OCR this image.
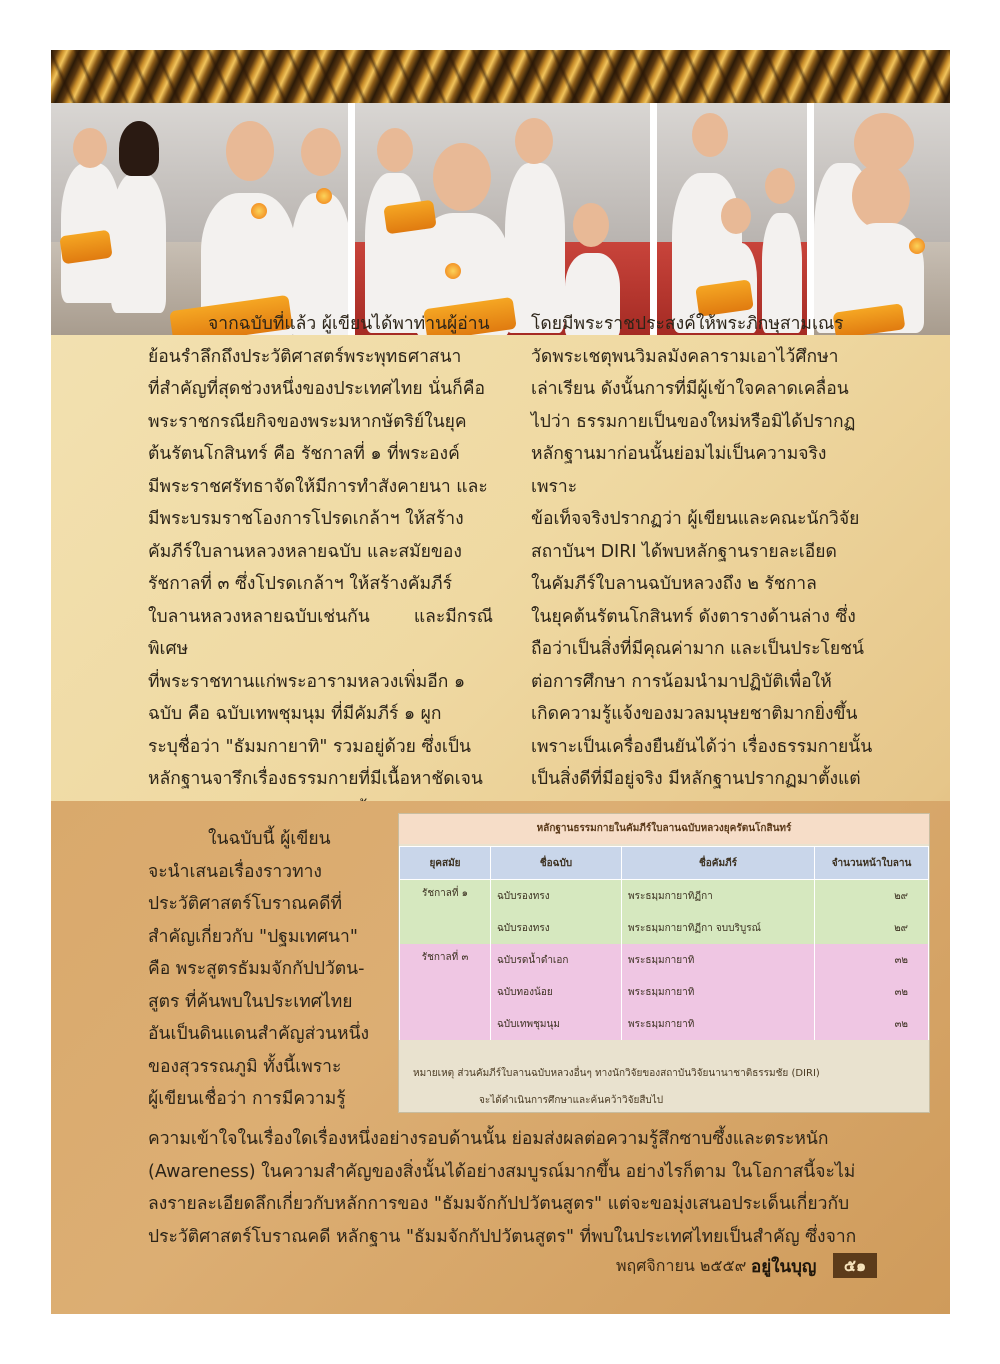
จากฉบับที่แล้ว ผู้เขียนได้พาท่านผู้อ่าน

ย้อนรำลึกถึงประวัติศาสตร์พระพุทธศาสนา

ที่สำคัญที่สุดช่วงหนึ่งของประเทศไทย นั่นก็คือ

พระราชกรณียกิจของพระมหากษัตริย์ในยุค

ต้นรัตนโกสินทร์ คือ รัชกาลที่ ๑ ที่พระองค์

มีพระราชศรัทธาจัดให้มีการทำสังคายนา และ

มีพระบรมราชโองการโปรดเกล้าฯ ให้สร้าง

คัมภีร์ใบลานหลวงหลายฉบับ และสมัยของ

รัชกาลที่ ๓ ซึ่งโปรดเกล้าฯ ให้สร้างคัมภีร์

ใบลานหลวงหลายฉบับเช่นกัน และมีกรณีพิเศษ

ที่พระราชทานแก่พระอารามหลวงเพิ่มอีก ๑

ฉบับ คือ ฉบับเทพชุมนุม ที่มีคัมภีร์ ๑ ผูก

ระบุชื่อว่า "ธัมมกายาทิ" รวมอยู่ด้วย ซึ่งเป็น

หลักฐานจารึกเรื่องธรรมกายที่มีเนื้อหาชัดเจน

โดยมีพระราชประสงค์ให้พระภิกษุสามเณร

วัดพระเชตุพนวิมลมังคลารามเอาไว้ศึกษา

เล่าเรียน ดังนั้นการที่มีผู้เข้าใจคลาดเคลื่อน

ไปว่า ธรรมกายเป็นของใหม่หรือมิได้ปรากฏ

หลักฐานมาก่อนนั้นย่อมไม่เป็นความจริง เพราะ

ข้อเท็จจริงปรากฏว่า ผู้เขียนและคณะนักวิจัย

สถาบันฯ DIRI ได้พบหลักฐานรายละเอียด

ในคัมภีร์ใบลานฉบับหลวงถึง ๒ รัชกาล

ในยุคต้นรัตนโกสินทร์ ดังตารางด้านล่าง ซึ่ง

ถือว่าเป็นสิ่งที่มีคุณค่ามาก และเป็นประโยชน์

ต่อการศึกษา การน้อมนำมาปฏิบัติเพื่อให้

เกิดความรู้แจ้งของมวลมนุษยชาติมากยิ่งขึ้น

เพราะเป็นเครื่องยืนยันได้ว่า เรื่องธรรมกายนั้น

เป็นสิ่งดีที่มีอยู่จริง มีหลักฐานปรากฏมาตั้งแต่

ในฉบับนี้ ผู้เขียน

จะนำเสนอเรื่องราวทาง

ประวัติศาสตร์โบราณคดีที่

สำคัญเกี่ยวกับ "ปฐมเทศนา"

คือ พระสูตรธัมมจักกัปปวัตน-

สูตร ที่ค้นพบในประเทศไทย

อันเป็นดินแดนสำคัญส่วนหนึ่ง

ของสุวรรณภูมิ ทั้งนี้เพราะ

ผู้เขียนเชื่อว่า การมีความรู้

หลักฐานธรรมกายในคัมภีร์ใบลานฉบับหลวงยุครัตนโกสินทร์
ยุคสมัย	ชื่อฉบับ	ชื่อคัมภีร์	จำนวนหน้าใบลาน
รัชกาลที่ ๑	ฉบับรองทรง	พระธมฺมกายาทิฏีกา	๒๙
	ฉบับรองทรง	พระธมฺมกายาทิฏีกา จบบริบูรณ์	๒๙
รัชกาลที่ ๓	ฉบับรดน้ำดำเอก	พระธมฺมกายาทิ	๓๒
	ฉบับทองน้อย	พระธมฺมกายาทิ	๓๒
	ฉบับเทพชุมนุม	พระธมฺมกายาทิ	๓๒
หมายเหตุ ส่วนคัมภีร์ใบลานฉบับหลวงอื่นๆ ทางนักวิจัยของสถาบันวิจัยนานาชาติธรรมชัย (DIRI)
จะได้ดำเนินการศึกษาและค้นคว้าวิจัยสืบไป

ความเข้าใจในเรื่องใดเรื่องหนึ่งอย่างรอบด้านนั้น ย่อมส่งผลต่อความรู้สึกซาบซึ้งและตระหนัก

(Awareness) ในความสำคัญของสิ่งนั้นได้อย่างสมบูรณ์มากขึ้น อย่างไรก็ตาม ในโอกาสนี้จะไม่

ลงรายละเอียดลึกเกี่ยวกับหลักการของ "ธัมมจักกัปปวัตนสูตร" แต่จะขอมุ่งเสนอประเด็นเกี่ยวกับ

ประวัติศาสตร์โบราณคดี หลักฐาน "ธัมมจักกัปปวัตนสูตร" ที่พบในประเทศไทยเป็นสำคัญ ซึ่งจาก

พฤศจิกายน ๒๕๕๙ อยู่ในบุญ	๕๑
